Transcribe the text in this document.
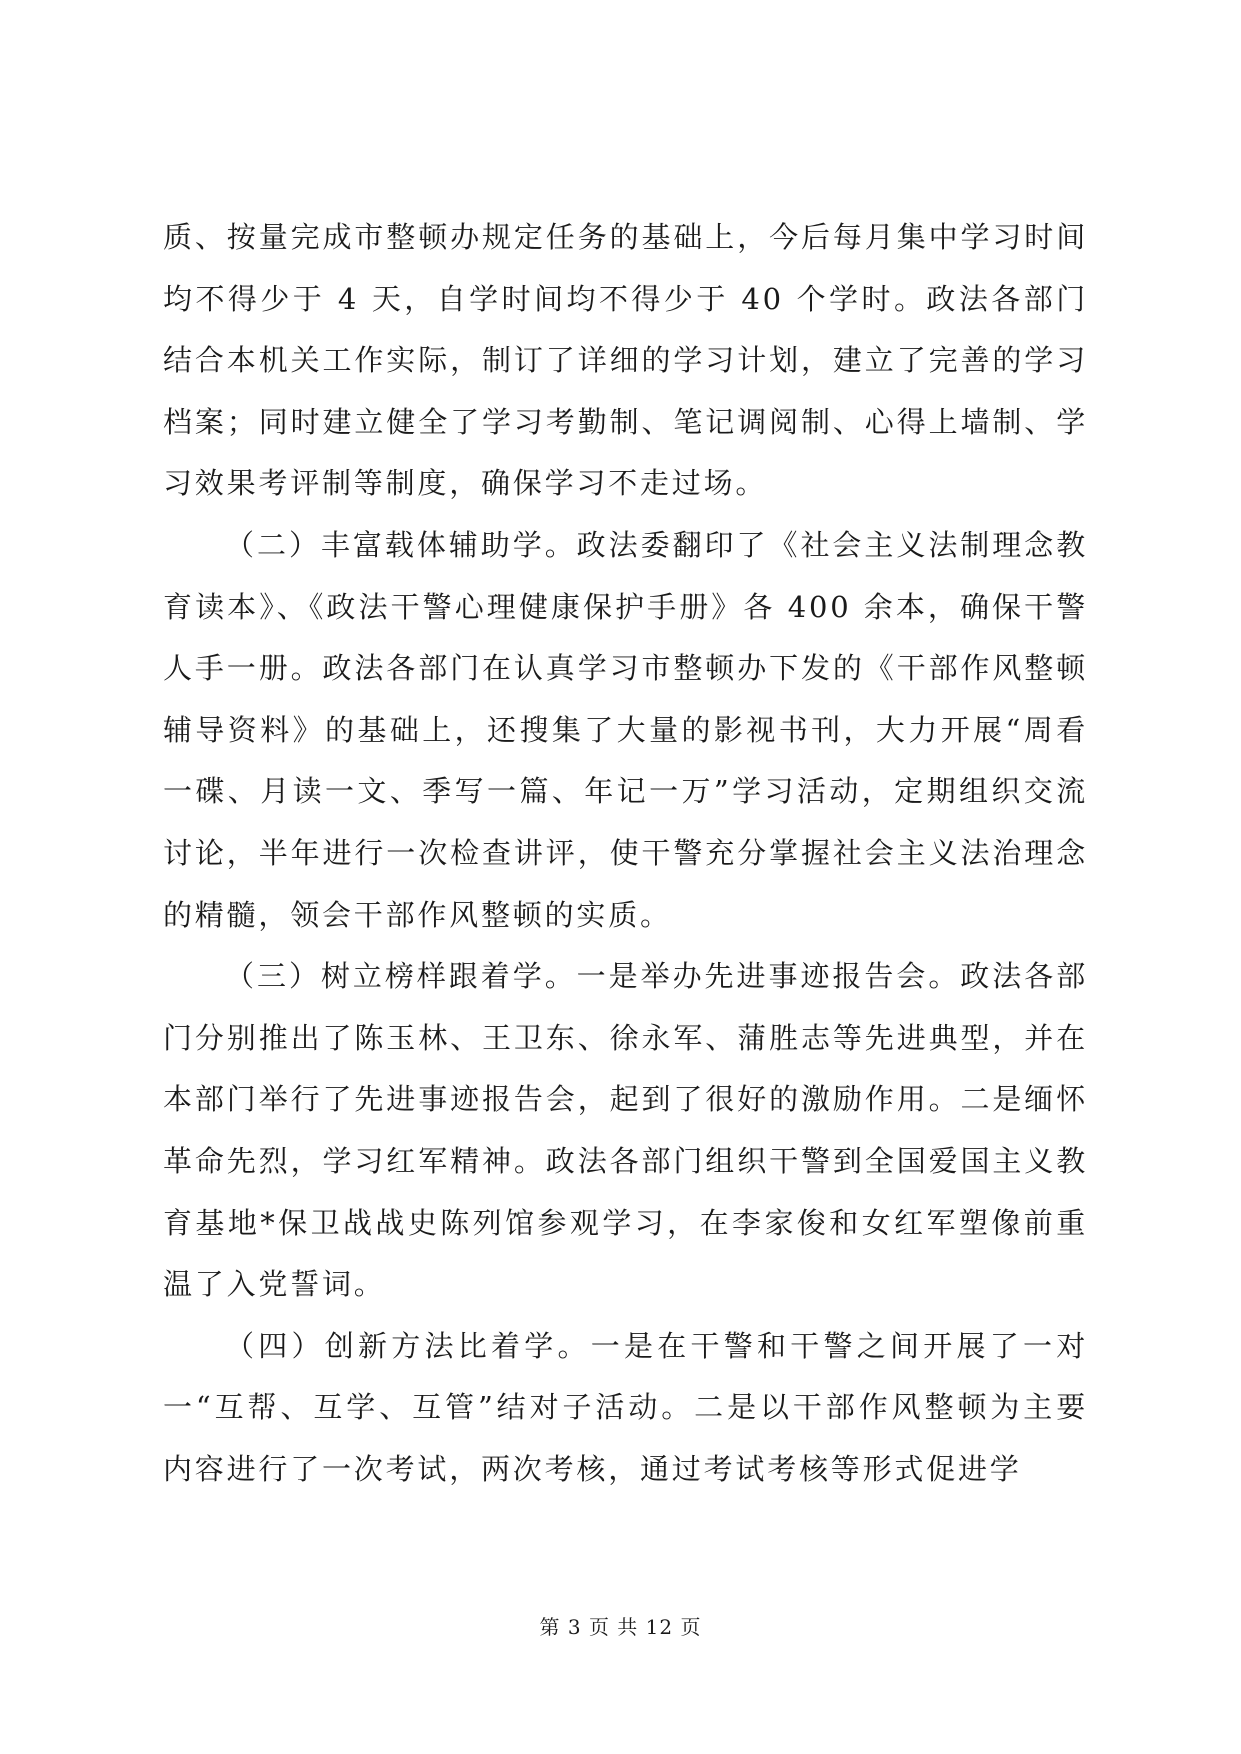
质、按量完成市整顿办规定任务的基础上，今后每月集中学习时间均不得少于 4 天，自学时间均不得少于 40 个学时。政法各部门结合本机关工作实际，制订了详细的学习计划，建立了完善的学习档案；同时建立健全了学习考勤制、笔记调阅制、心得上墙制、学习效果考评制等制度，确保学习不走过场。

（二）丰富载体辅助学。政法委翻印了《社会主义法制理念教育读本》、《政法干警心理健康保护手册》各 400 余本，确保干警人手一册。政法各部门在认真学习市整顿办下发的《干部作风整顿辅导资料》的基础上，还搜集了大量的影视书刊，大力开展“周看一碟、月读一文、季写一篇、年记一万”学习活动，定期组织交流讨论，半年进行一次检查讲评，使干警充分掌握社会主义法治理念的精髓，领会干部作风整顿的实质。

（三）树立榜样跟着学。一是举办先进事迹报告会。政法各部门分别推出了陈玉林、王卫东、徐永军、蒲胜志等先进典型，并在本部门举行了先进事迹报告会，起到了很好的激励作用。二是缅怀革命先烈，学习红军精神。政法各部门组织干警到全国爱国主义教育基地*保卫战战史陈列馆参观学习，在李家俊和女红军塑像前重温了入党誓词。

（四）创新方法比着学。一是在干警和干警之间开展了一对一“互帮、互学、互管”结对子活动。二是以干部作风整顿为主要内容进行了一次考试，两次考核，通过考试考核等形式促进学

第 3 页 共 12 页
